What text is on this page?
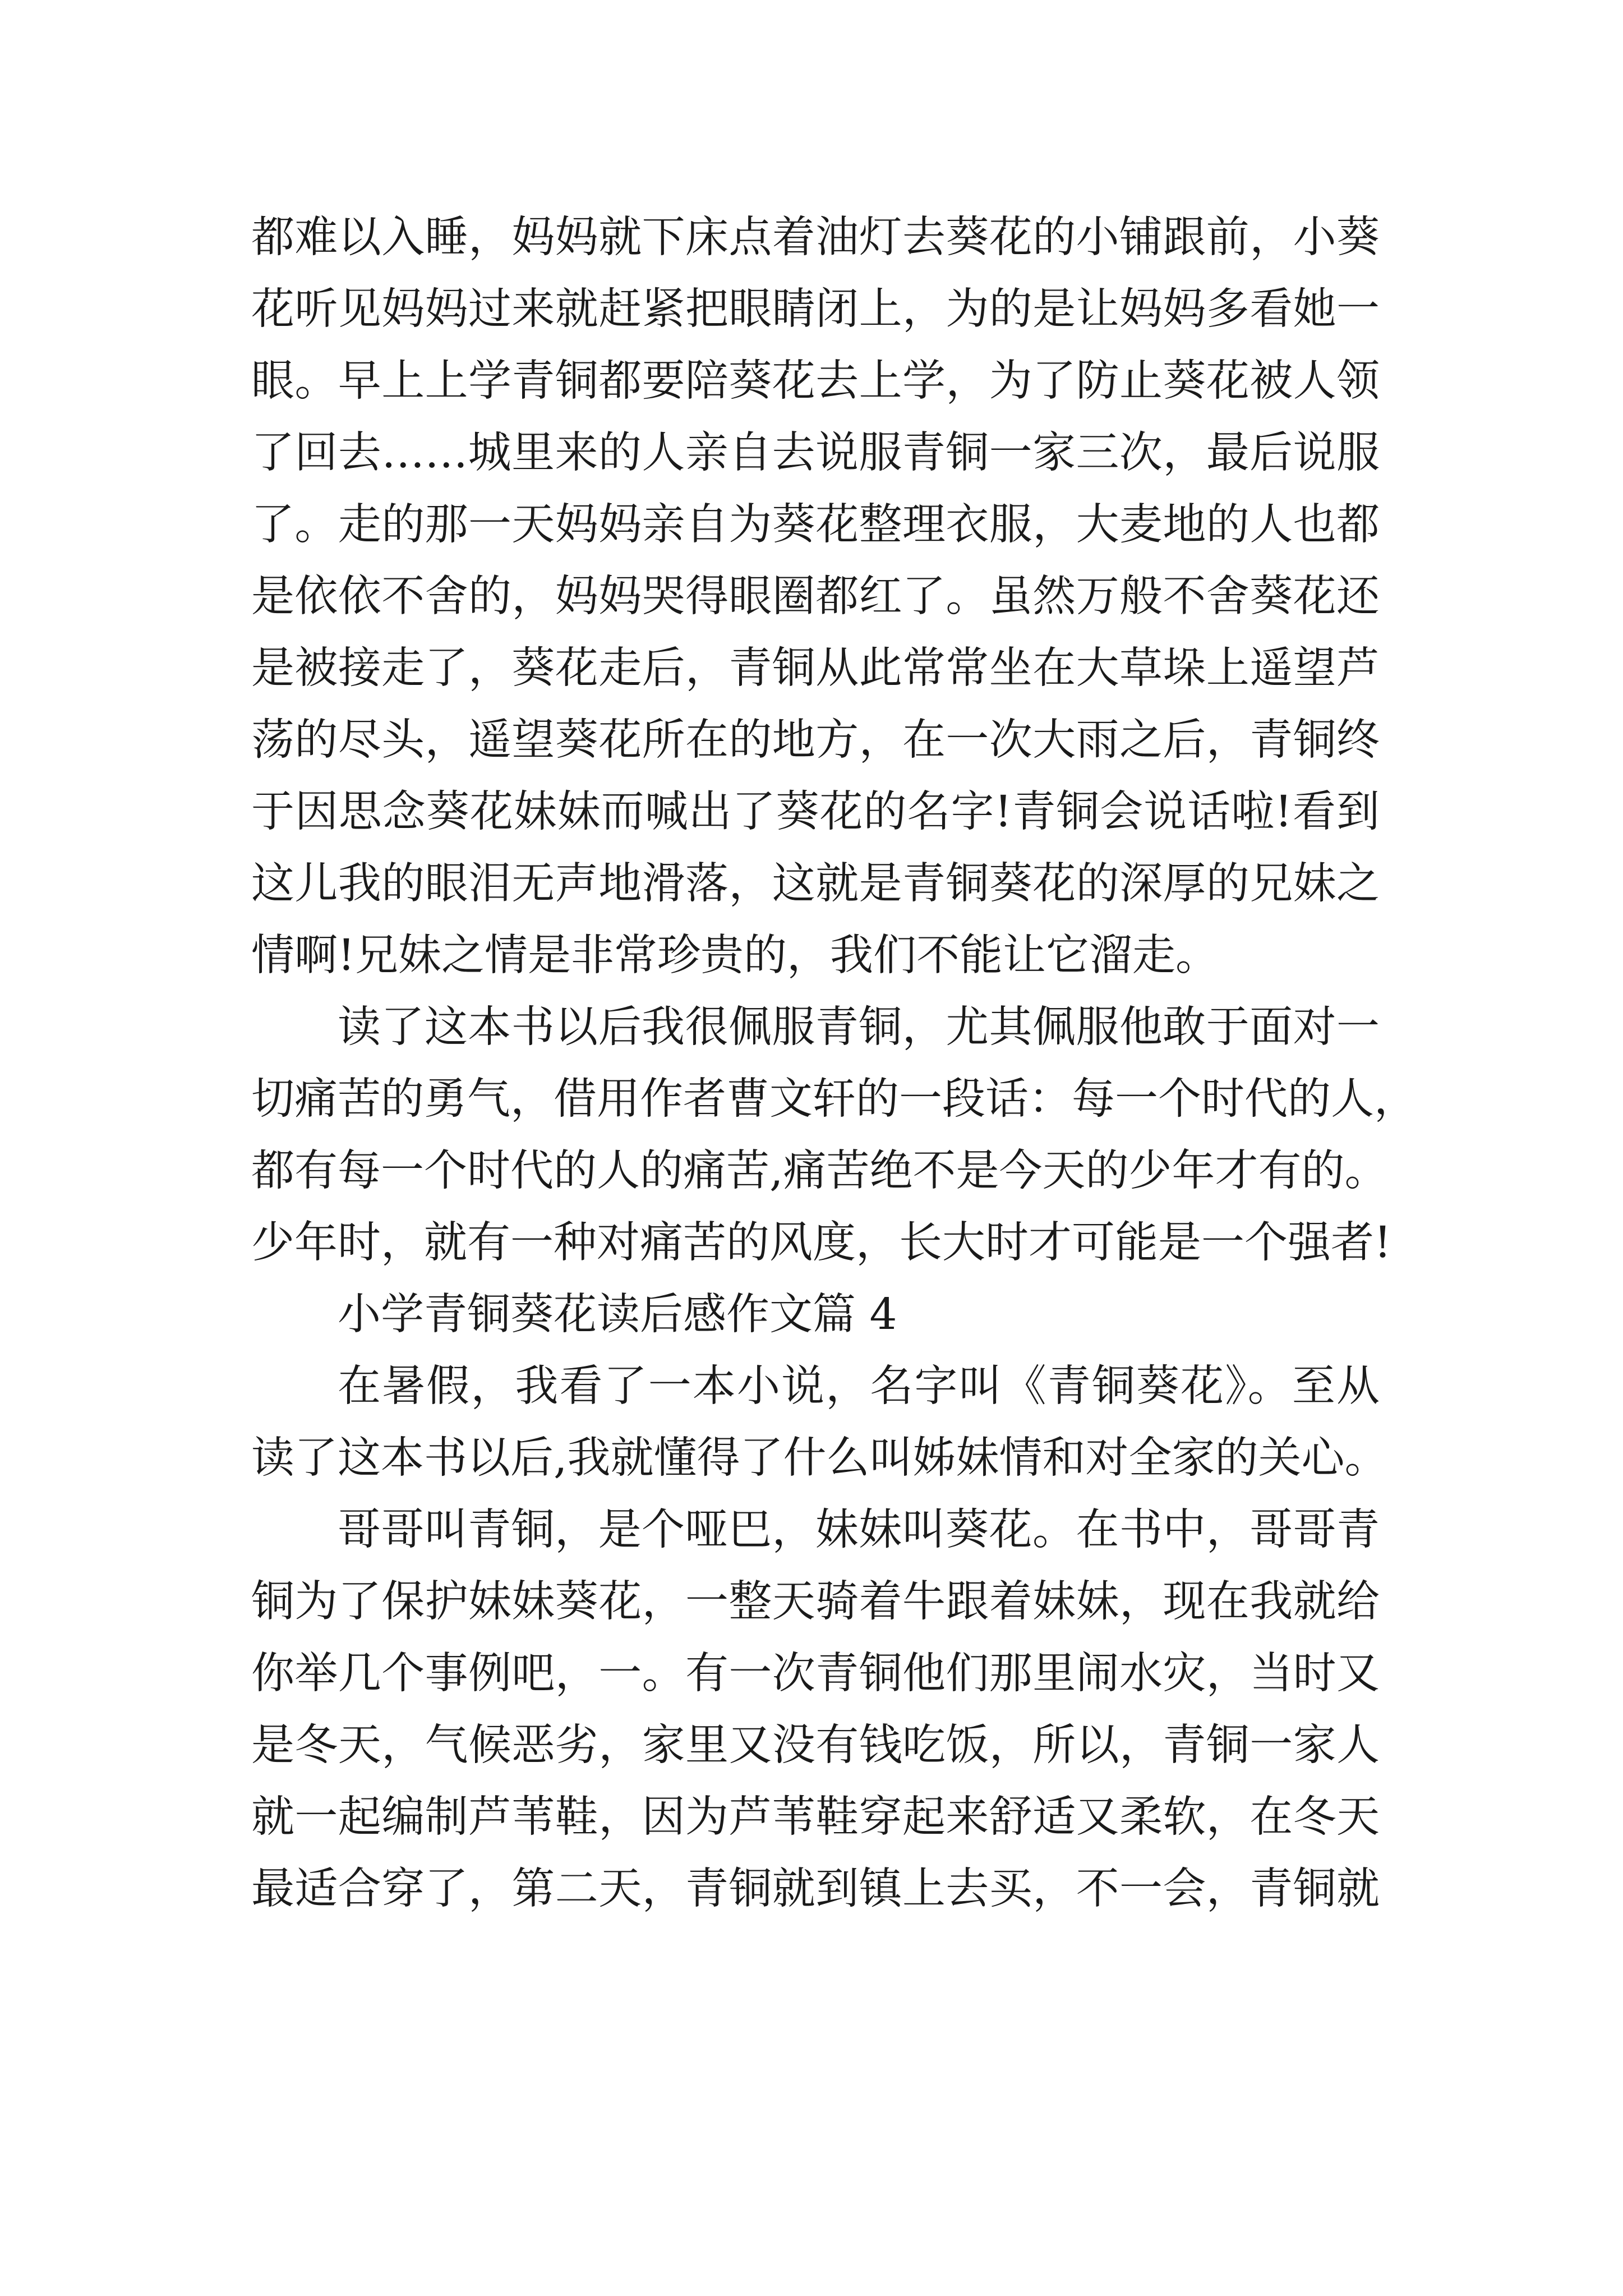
都难以入睡，妈妈就下床点着油灯去葵花的小铺跟前，小葵
花听见妈妈过来就赶紧把眼睛闭上，为的是让妈妈多看她一
眼。早上上学青铜都要陪葵花去上学，为了防止葵花被人领
了回去……城里来的人亲自去说服青铜一家三次，最后说服
了。走的那一天妈妈亲自为葵花整理衣服，大麦地的人也都
是依依不舍的，妈妈哭得眼圈都红了。虽然万般不舍葵花还
是被接走了，葵花走后，青铜从此常常坐在大草垛上遥望芦
荡的尽头，遥望葵花所在的地方，在一次大雨之后，青铜终
于因思念葵花妹妹而喊出了葵花的名字!青铜会说话啦!看到
这儿我的眼泪无声地滑落，这就是青铜葵花的深厚的兄妹之
情啊!兄妹之情是非常珍贵的，我们不能让它溜走。
读了这本书以后我很佩服青铜，尤其佩服他敢于面对一
切痛苦的勇气，借用作者曹文轩的一段话：每一个时代的人，
都有每一个时代的人的痛苦,痛苦绝不是今天的少年才有的。
少年时，就有一种对痛苦的风度，长大时才可能是一个强者!
小学青铜葵花读后感作文篇 4
在暑假，我看了一本小说，名字叫《青铜葵花》。至从
读了这本书以后,我就懂得了什么叫姊妹情和对全家的关心。
哥哥叫青铜，是个哑巴，妹妹叫葵花。在书中，哥哥青
铜为了保护妹妹葵花，一整天骑着牛跟着妹妹，现在我就给
你举几个事例吧，一。有一次青铜他们那里闹水灾，当时又
是冬天，气候恶劣，家里又没有钱吃饭，所以，青铜一家人
就一起编制芦苇鞋，因为芦苇鞋穿起来舒适又柔软，在冬天
最适合穿了，第二天，青铜就到镇上去买，不一会，青铜就
